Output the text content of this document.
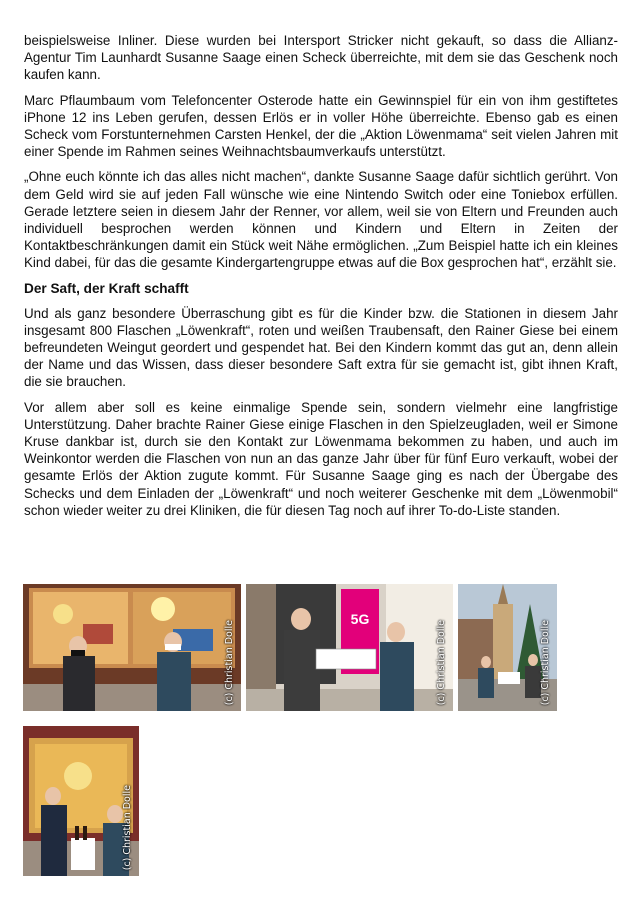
beispielsweise Inliner. Diese wurden bei Intersport Stricker nicht gekauft, so dass die Allianz-Agentur Tim Launhardt Susanne Saage einen Scheck überreichte, mit dem sie das Geschenk noch kaufen kann.

Marc Pflaumbaum vom Telefoncenter Osterode hatte ein Gewinnspiel für ein von ihm gestiftetes iPhone 12 ins Leben gerufen, dessen Erlös er in voller Höhe überreichte. Ebenso gab es einen Scheck vom Forstunternehmen Carsten Henkel, der die „Aktion Löwenmama“ seit vielen Jahren mit einer Spende im Rahmen seines Weihnachtsbaumverkaufs unterstützt.

„Ohne euch könnte ich das alles nicht machen“, dankte Susanne Saage dafür sichtlich gerührt. Von dem Geld wird sie auf jeden Fall wünsche wie eine Nintendo Switch oder eine Toniebox erfüllen. Gerade letztere seien in diesem Jahr der Renner, vor allem, weil sie von Eltern und Freunden auch individuell besprochen werden können und Kindern und Eltern in Zeiten der Kontaktbeschränkungen damit ein Stück weit Nähe ermöglichen. „Zum Beispiel hatte ich ein kleines Kind dabei, für das die gesamte Kindergartengruppe etwas auf die Box gesprochen hat“, erzählt sie.

Der Saft, der Kraft schafft

Und als ganz besondere Überraschung gibt es für die Kinder bzw. die Stationen in diesem Jahr insgesamt 800 Flaschen „Löwenkraft“, roten und weißen Traubensaft, den Rainer Giese bei einem befreundeten Weingut geordert und gespendet hat. Bei den Kindern kommt das gut an, denn allein der Name und das Wissen, dass dieser besondere Saft extra für sie gemacht ist, gibt ihnen Kraft, die sie brauchen.

Vor allem aber soll es keine einmalige Spende sein, sondern vielmehr eine langfristige Unterstützung. Daher brachte Rainer Giese einige Flaschen in den Spielzeugladen, weil er Simone Kruse dankbar ist, durch sie den Kontakt zur Löwenmama bekommen zu haben, und auch im Weinkontor werden die Flaschen von nun an das ganze Jahr über für fünf Euro verkauft, wobei der gesamte Erlös der Aktion zugute kommt. Für Susanne Saage ging es nach der Übergabe des Schecks und dem Einladen der „Löwenkraft“ und noch weiterer Geschenke mit dem „Löwenmobil“ schon wieder weiter zu drei Kliniken, die für diesen Tag noch auf ihrer To-do-Liste standen.

(c) Christian Dolle
5G
(c) Christian Dolle	(c) Christian Dolle
(c) Christian Dolle
